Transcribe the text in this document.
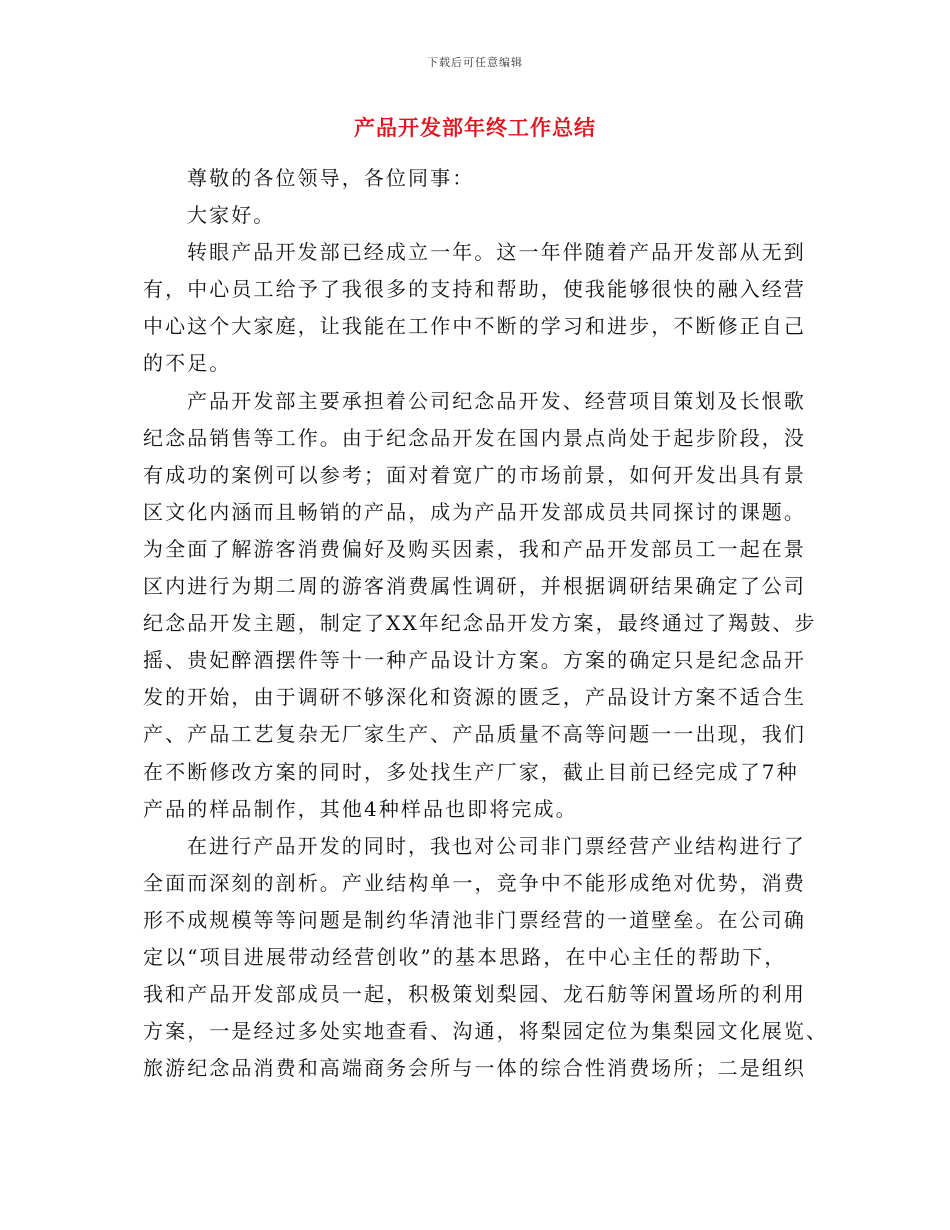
下载后可任意编辑
产品开发部年终工作总结
尊敬的各位领导，各位同事：
大家好。
转眼产品开发部已经成立一年。这一年伴随着产品开发部从无到
有，中心员工给予了我很多的支持和帮助，使我能够很快的融入经营
中心这个大家庭，让我能在工作中不断的学习和进步，不断修正自己
的不足。
产品开发部主要承担着公司纪念品开发、经营项目策划及长恨歌
纪念品销售等工作。由于纪念品开发在国内景点尚处于起步阶段，没
有成功的案例可以参考；面对着宽广的市场前景，如何开发出具有景
区文化内涵而且畅销的产品，成为产品开发部成员共同探讨的课题。
为全面了解游客消费偏好及购买因素，我和产品开发部员工一起在景
区内进行为期二周的游客消费属性调研，并根据调研结果确定了公司
纪念品开发主题，制定了XX年纪念品开发方案，最终通过了羯鼓、步
摇、贵妃醉酒摆件等十一种产品设计方案。方案的确定只是纪念品开
发的开始，由于调研不够深化和资源的匮乏，产品设计方案不适合生
产、产品工艺复杂无厂家生产、产品质量不高等问题一一出现，我们
在不断修改方案的同时，多处找生产厂家，截止目前已经完成了7种
产品的样品制作，其他4种样品也即将完成。
在进行产品开发的同时，我也对公司非门票经营产业结构进行了
全面而深刻的剖析。产业结构单一，竞争中不能形成绝对优势，消费
形不成规模等等问题是制约华清池非门票经营的一道壁垒。在公司确
定以“项目进展带动经营创收”的基本思路，在中心主任的帮助下，
我和产品开发部成员一起，积极策划梨园、龙石舫等闲置场所的利用
方案，一是经过多处实地查看、沟通，将梨园定位为集梨园文化展览、
旅游纪念品消费和高端商务会所与一体的综合性消费场所；二是组织
